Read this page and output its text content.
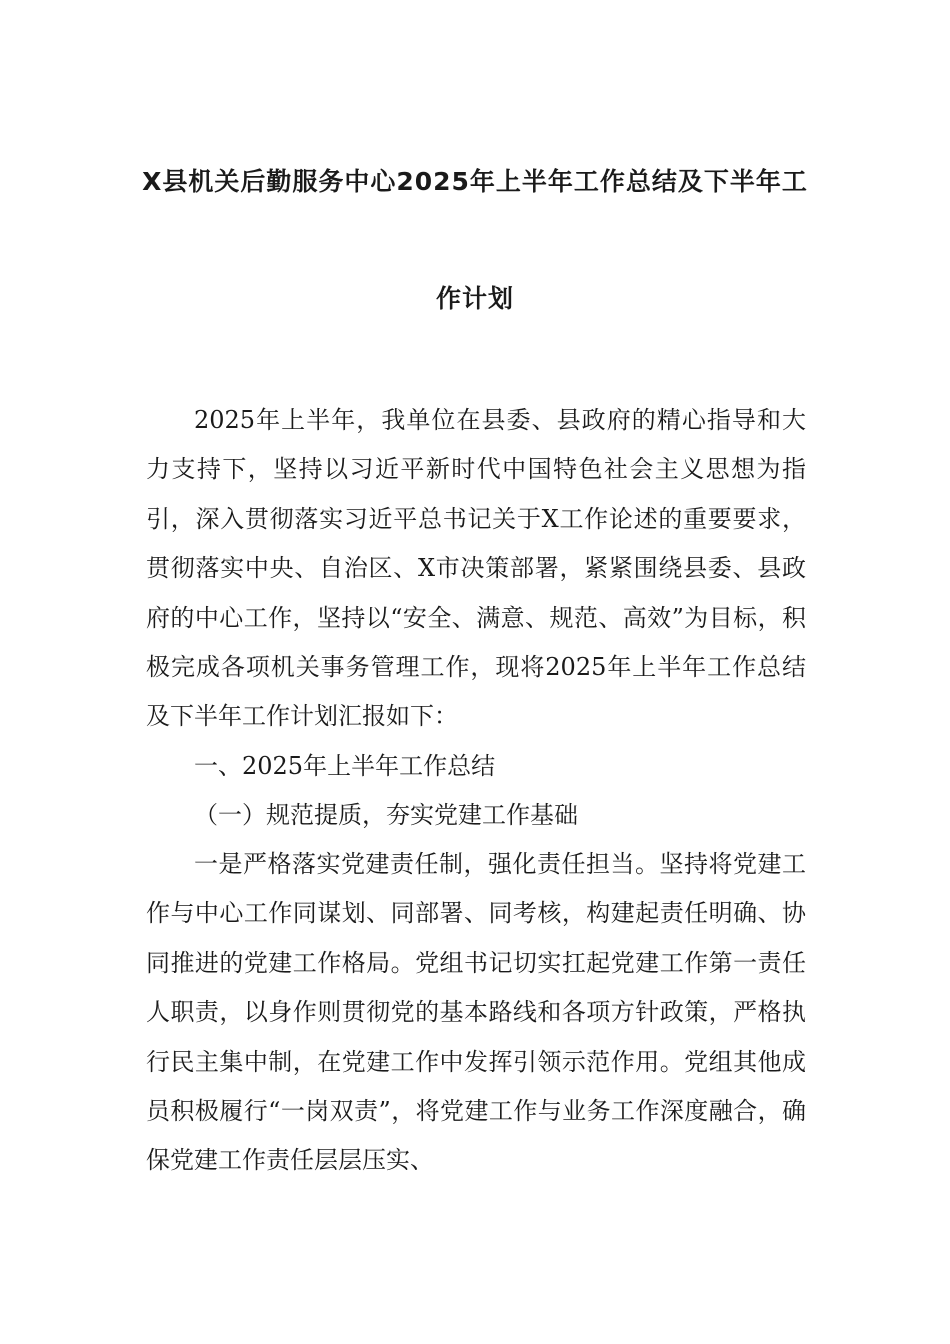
X县机关后勤服务中心2025年上半年工作总结及下半年工
作计划

2025年上半年，我单位在县委、县政府的精心指导和大力支持下，坚持以习近平新时代中国特色社会主义思想为指引，深入贯彻落实习近平总书记关于X工作论述的重要要求，贯彻落实中央、自治区、X市决策部署，紧紧围绕县委、县政府的中心工作，坚持以“安全、满意、规范、高效”为目标，积极完成各项机关事务管理工作，现将2025年上半年工作总结及下半年工作计划汇报如下：

一、2025年上半年工作总结

（一）规范提质，夯实党建工作基础

一是严格落实党建责任制，强化责任担当。坚持将党建工作与中心工作同谋划、同部署、同考核，构建起责任明确、协同推进的党建工作格局。党组书记切实扛起党建工作第一责任人职责，以身作则贯彻党的基本路线和各项方针政策，严格执行民主集中制，在党建工作中发挥引领示范作用。党组其他成员积极履行“一岗双责”，将党建工作与业务工作深度融合，确保党建工作责任层层压实、
